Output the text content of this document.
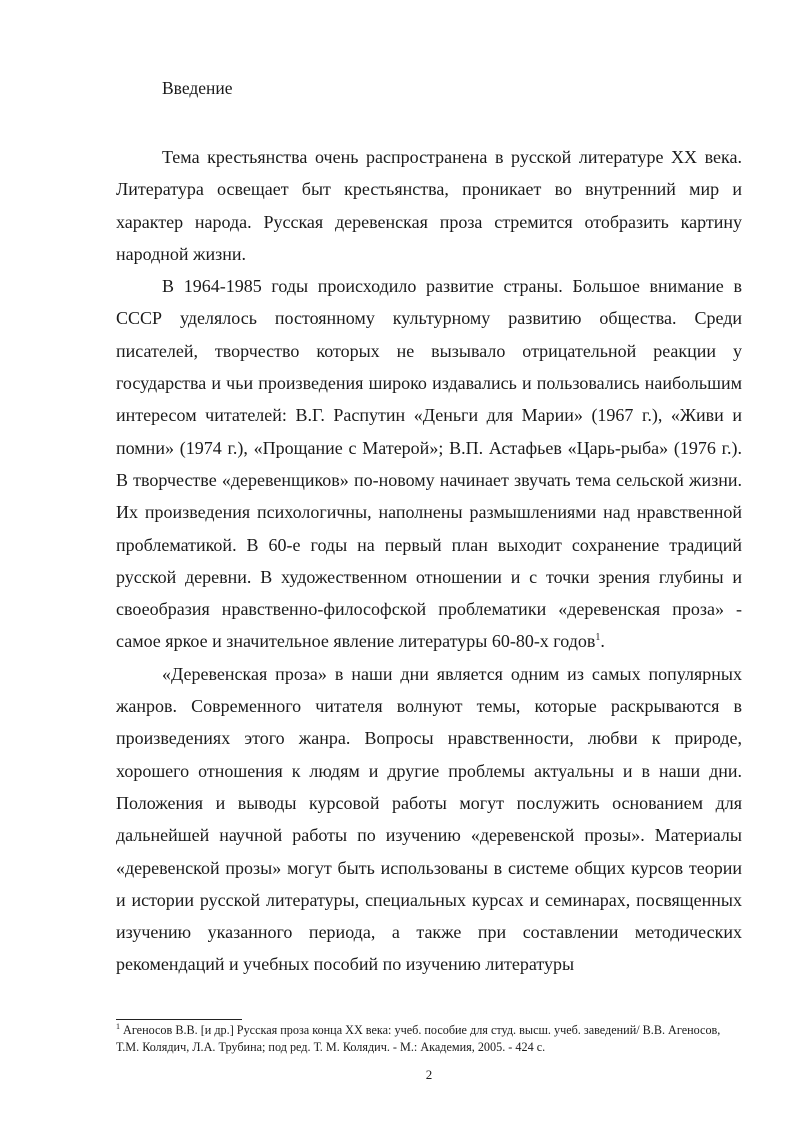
Введение

Тема крестьянства очень распространена в русской литературе XX века. Литература освещает быт крестьянства, проникает во внутренний мир и характер народа. Русская деревенская проза стремится отобразить картину народной жизни.

В 1964-1985 годы происходило развитие страны. Большое внимание в СССР уделялось постоянному культурному развитию общества. Среди писателей, творчество которых не вызывало отрицательной реакции у государства и чьи произведения широко издавались и пользовались наибольшим интересом читателей: В.Г. Распутин «Деньги для Марии» (1967 г.), «Живи и помни» (1974 г.), «Прощание с Матерой»; В.П. Астафьев «Царь-рыба» (1976 г.). В творчестве «деревенщиков» по-новому начинает звучать тема сельской жизни. Их произведения психологичны, наполнены размышлениями над нравственной проблематикой. В 60-е годы на первый план выходит сохранение традиций русской деревни. В художественном отношении и с точки зрения глубины и своеобразия нравственно-философской проблематики «деревенская проза» - самое яркое и значительное явление литературы 60-80-х годов$^1$.

«Деревенская проза» в наши дни является одним из самых популярных жанров. Современного читателя волнуют темы, которые раскрываются в произведениях этого жанра. Вопросы нравственности, любви к природе, хорошего отношения к людям и другие проблемы актуальны и в наши дни. Положения и выводы курсовой работы могут послужить основанием для дальнейшей научной работы по изучению «деревенской прозы». Материалы «деревенской прозы» могут быть использованы в системе общих курсов теории и истории русской литературы, специальных курсах и семинарах, посвященных изучению указанного периода, а также при составлении методических рекомендаций и учебных пособий по изучению литературы

$^1$ Агеносов В.В. [и др.] Русская проза конца XX века: учеб. пособие для студ. высш. учеб. заведений/ В.В. Агеносов, Т.М. Колядич, Л.А. Трубина; под ред. Т. М. Колядич. - М.: Академия, 2005. - 424 с.

2
